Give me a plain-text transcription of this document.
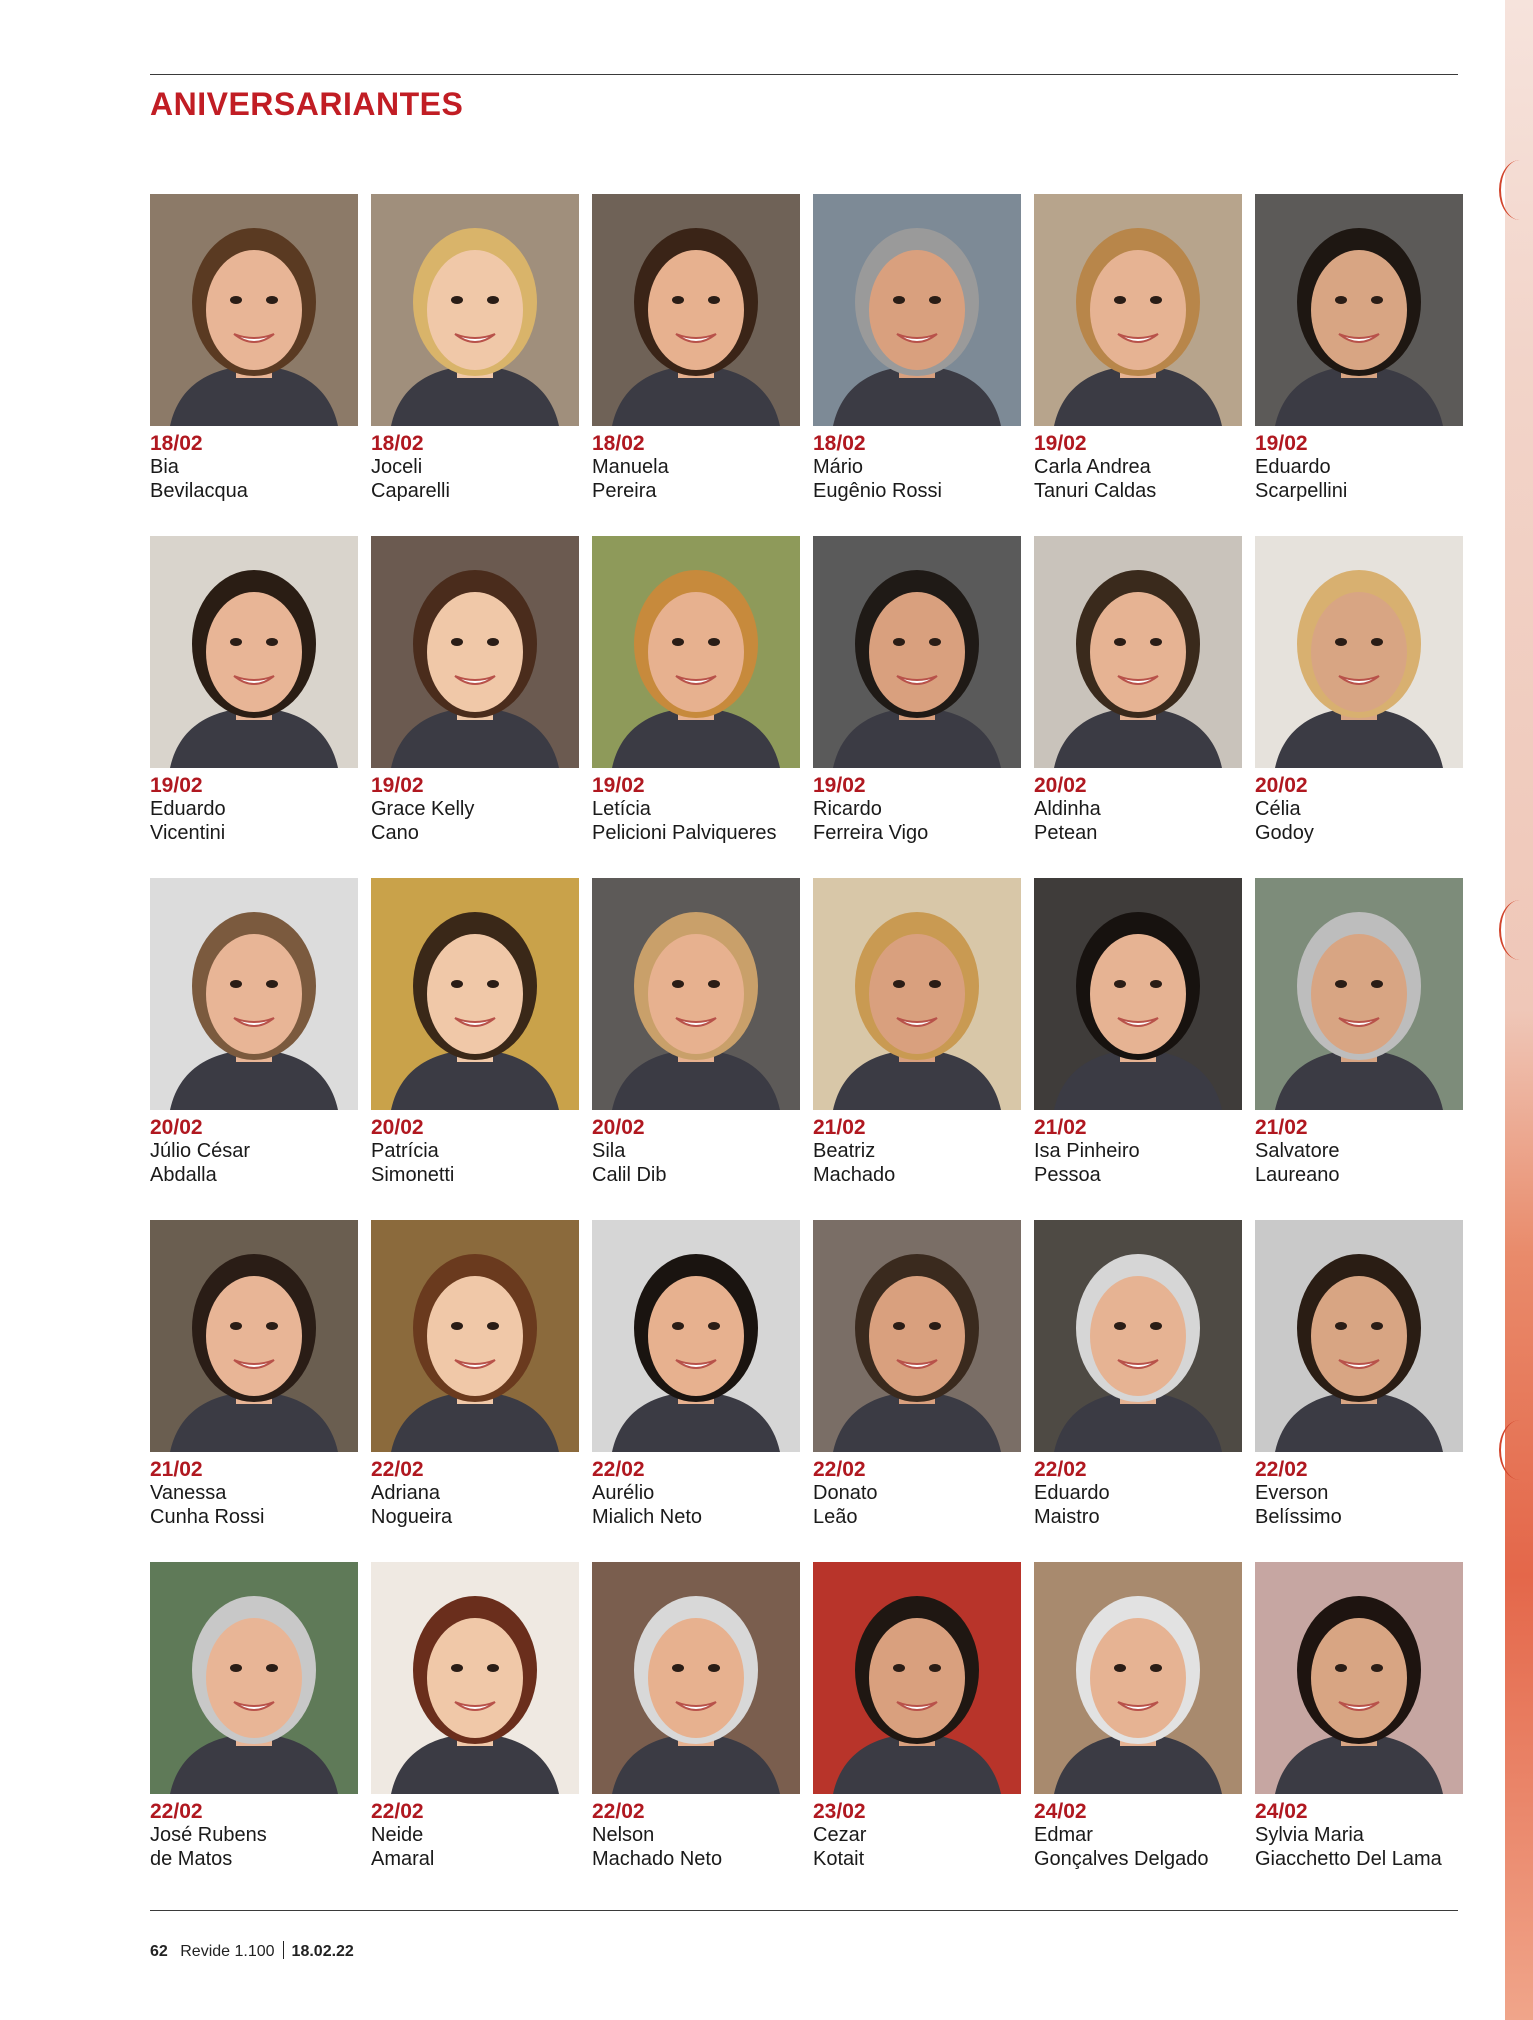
ANIVERSARIANTES
18/02
Bia
Bevilacqua
18/02
Joceli
Caparelli
18/02
Manuela
Pereira
18/02
Mário
Eugênio Rossi
19/02
Carla Andrea
Tanuri Caldas
19/02
Eduardo
Scarpellini
19/02
Eduardo
Vicentini
19/02
Grace Kelly
Cano
19/02
Letícia
Pelicioni Palviqueres
19/02
Ricardo
Ferreira Vigo
20/02
Aldinha
Petean
20/02
Célia
Godoy
20/02
Júlio César
Abdalla
20/02
Patrícia
Simonetti
20/02
Sila
Calil Dib
21/02
Beatriz
Machado
21/02
Isa Pinheiro
Pessoa
21/02
Salvatore
Laureano
21/02
Vanessa
Cunha Rossi
22/02
Adriana
Nogueira
22/02
Aurélio
Mialich Neto
22/02
Donato
Leão
22/02
Eduardo
Maistro
22/02
Everson
Belíssimo
22/02
José Rubens
de Matos
22/02
Neide
Amaral
22/02
Nelson
Machado Neto
23/02
Cezar
Kotait
24/02
Edmar
Gonçalves Delgado
24/02
Sylvia Maria
Giacchetto Del Lama
62 Revide 1.100 18.02.22
